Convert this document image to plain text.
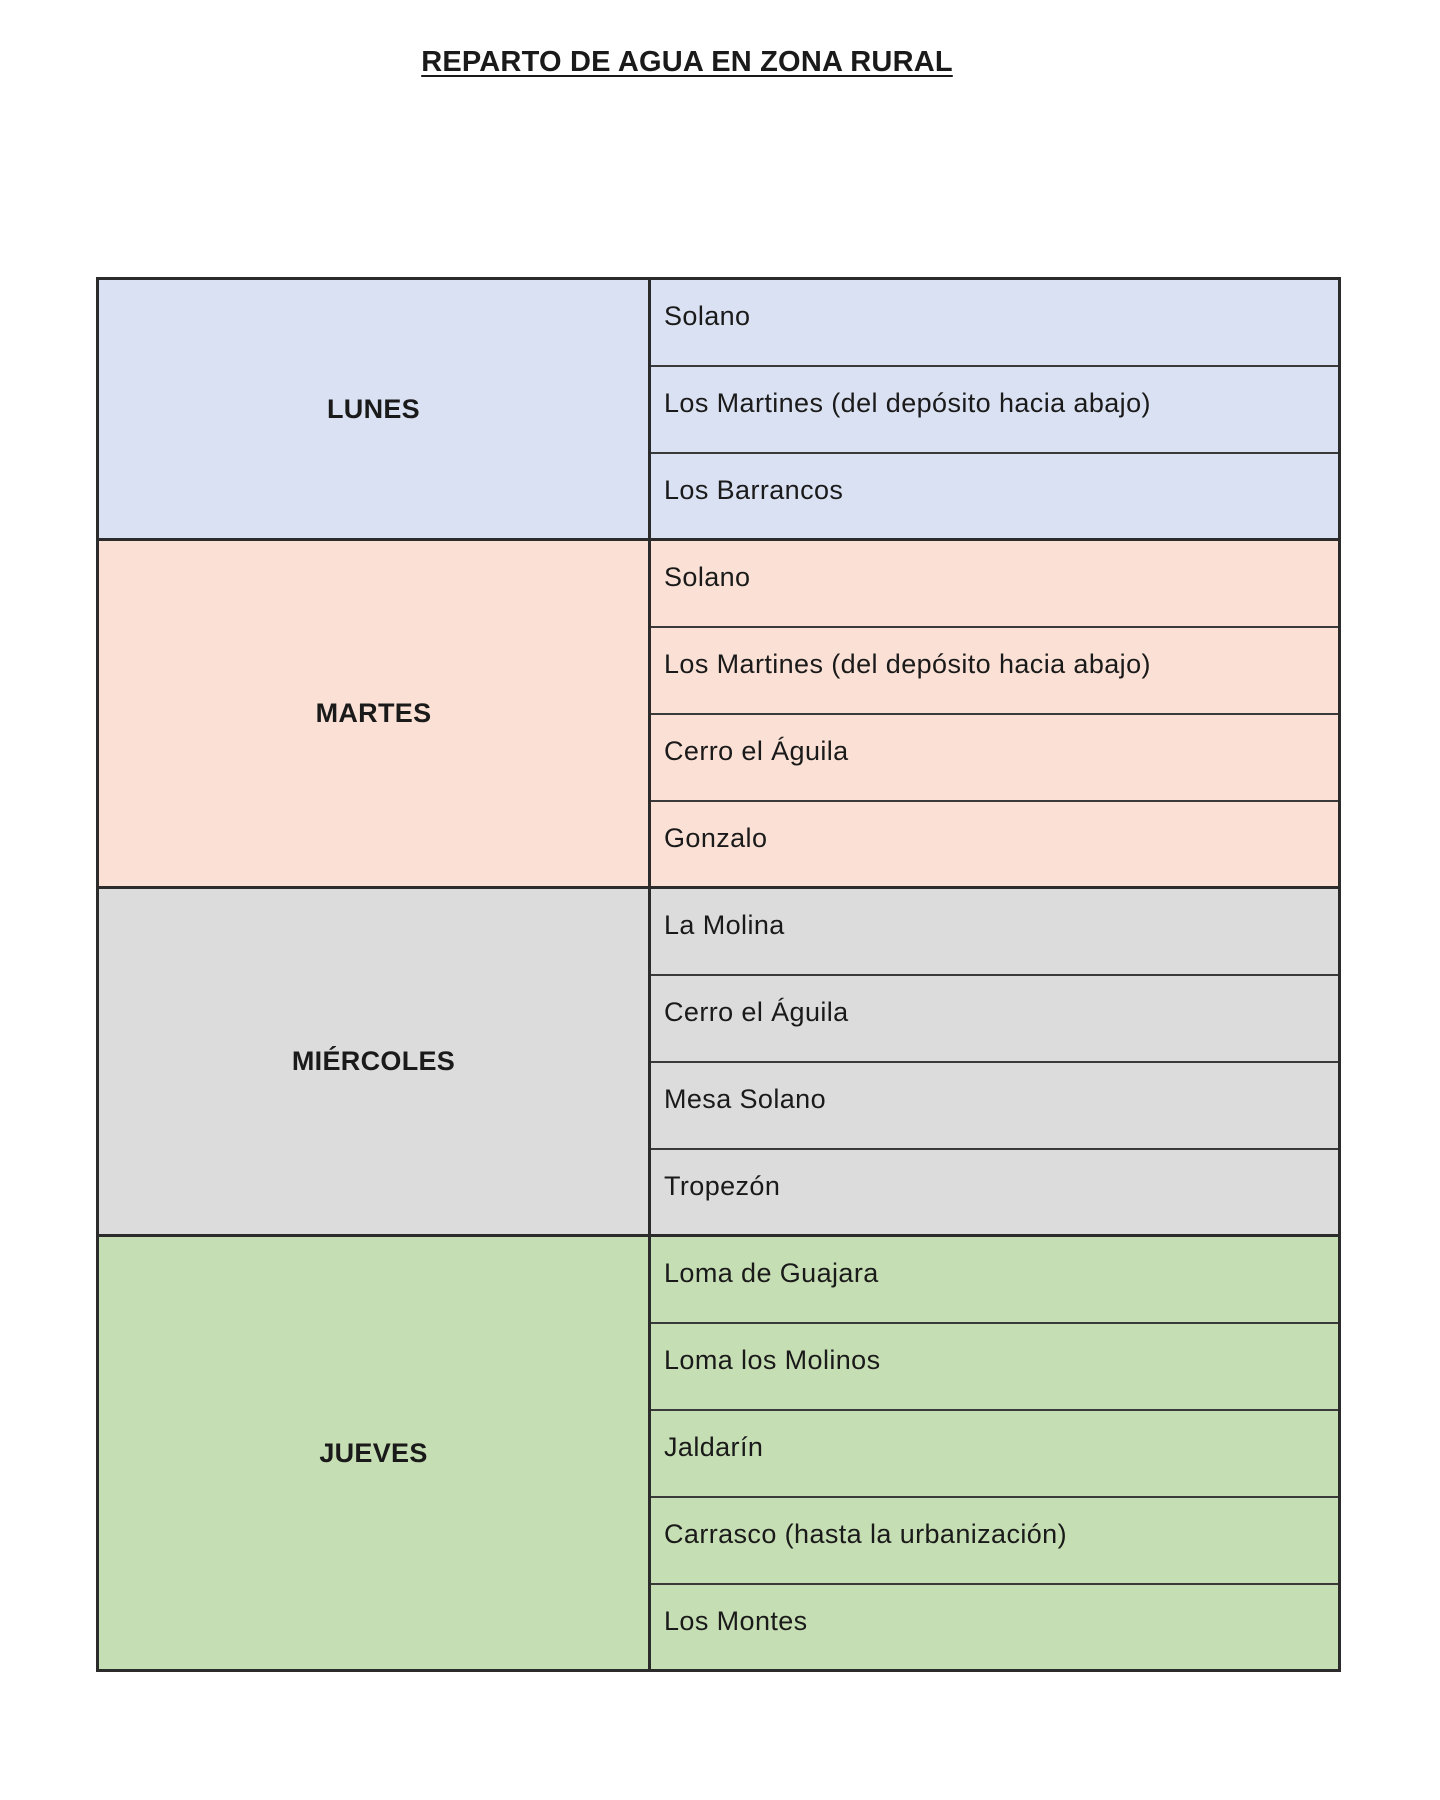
REPARTO DE AGUA EN ZONA RURAL
LUNES	Solano
	Los Martines (del depósito hacia abajo)
	Los Barrancos
MARTES	Solano
	Los Martines (del depósito hacia abajo)
	Cerro el Águila
	Gonzalo
MIÉRCOLES	La Molina
	Cerro el Águila
	Mesa Solano
	Tropezón
JUEVES	Loma de Guajara
	Loma los Molinos
	Jaldarín
	Carrasco (hasta la urbanización)
	Los Montes
